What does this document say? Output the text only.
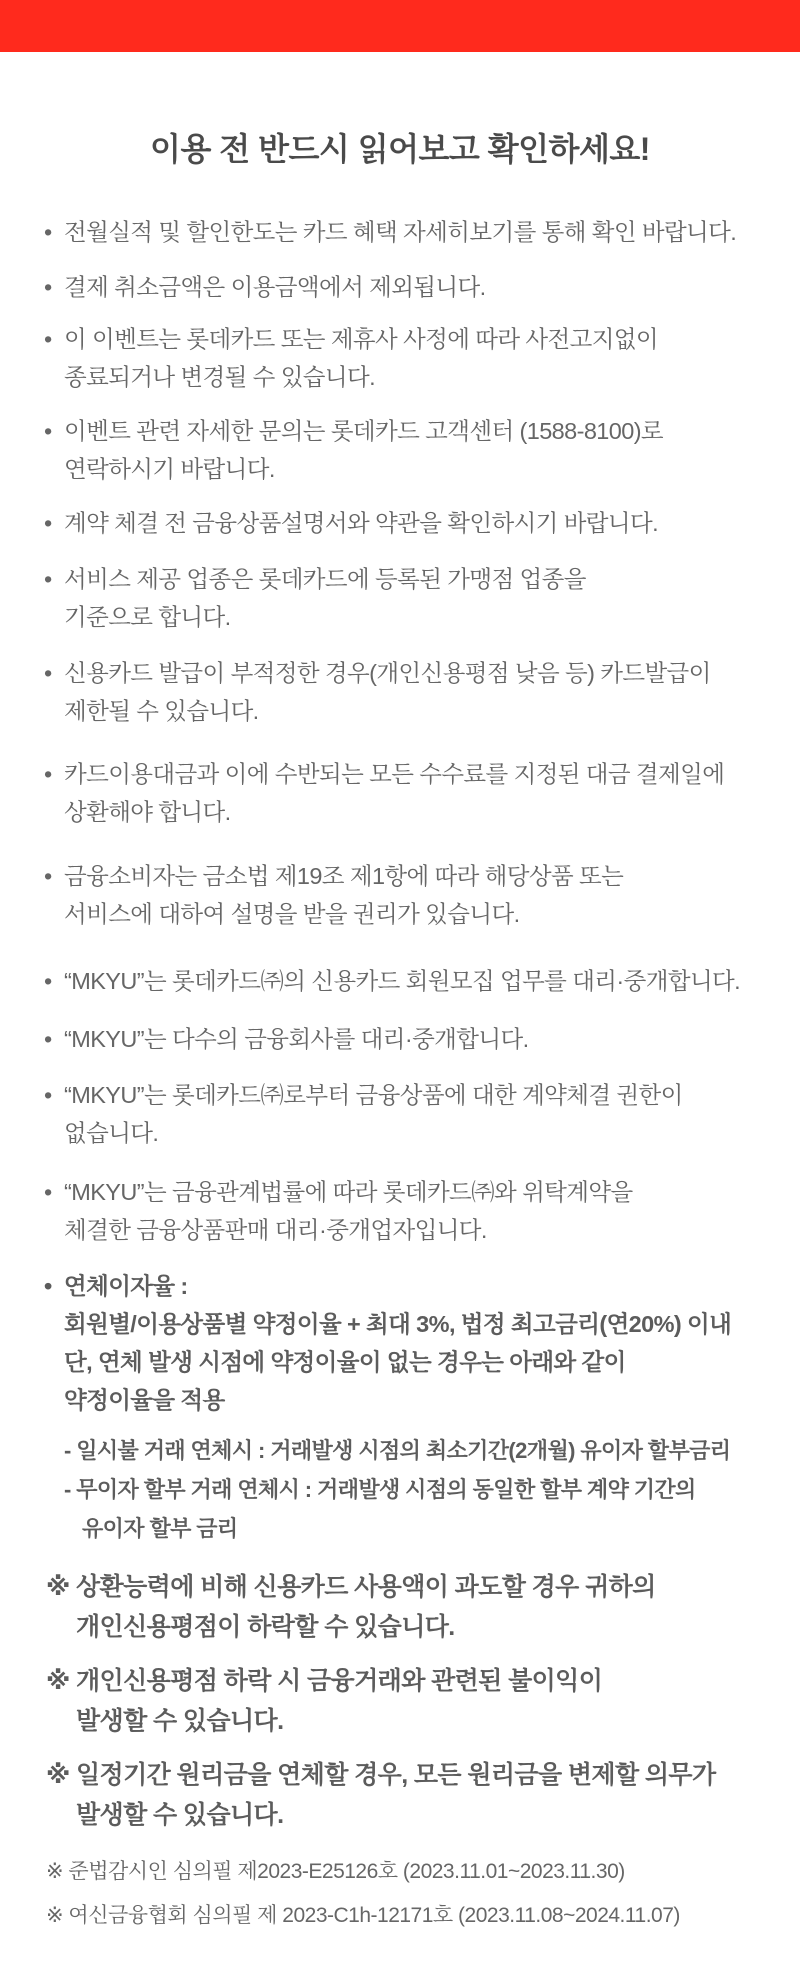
이용 전 반드시 읽어보고 확인하세요!
• 전월실적 및 할인한도는 카드 혜택 자세히보기를 통해 확인 바랍니다.
• 결제 취소금액은 이용금액에서 제외됩니다.
• 이 이벤트는 롯데카드 또는 제휴사 사정에 따라 사전고지없이
종료되거나 변경될 수 있습니다.
• 이벤트 관련 자세한 문의는 롯데카드 고객센터 (1588-8100)로
연락하시기 바랍니다.
• 계약 체결 전 금융상품설명서와 약관을 확인하시기 바랍니다.
• 서비스 제공 업종은 롯데카드에 등록된 가맹점 업종을
기준으로 합니다.
• 신용카드 발급이 부적정한 경우(개인신용평점 낮음 등) 카드발급이
제한될 수 있습니다.
• 카드이용대금과 이에 수반되는 모든 수수료를 지정된 대금 결제일에
상환해야 합니다.
• 금융소비자는 금소법 제19조 제1항에 따라 해당상품 또는
서비스에 대하여 설명을 받을 권리가 있습니다.
• “MKYU”는 롯데카드㈜의 신용카드 회원모집 업무를 대리·중개합니다.
• “MKYU”는 다수의 금융회사를 대리·중개합니다.
• “MKYU”는 롯데카드㈜로부터 금융상품에 대한 계약체결 권한이
없습니다.
• “MKYU”는 금융관계법률에 따라 롯데카드㈜와 위탁계약을
체결한 금융상품판매 대리·중개업자입니다.
• 연체이자율 :
회원별/이용상품별 약정이율 + 최대 3%, 법정 최고금리(연20%) 이내
단, 연체 발생 시점에 약정이율이 없는 경우는 아래와 같이
약정이율을 적용
- 일시불 거래 연체시 : 거래발생 시점의 최소기간(2개월) 유이자 할부금리
- 무이자 할부 거래 연체시 : 거래발생 시점의 동일한 할부 계약 기간의
유이자 할부 금리
※ 상환능력에 비해 신용카드 사용액이 과도할 경우 귀하의
개인신용평점이 하락할 수 있습니다.
※ 개인신용평점 하락 시 금융거래와 관련된 불이익이
발생할 수 있습니다.
※ 일정기간 원리금을 연체할 경우, 모든 원리금을 변제할 의무가
발생할 수 있습니다.
※ 준법감시인 심의필 제2023-E25126호 (2023.11.01~2023.11.30)
※ 여신금융협회 심의필 제 2023-C1h-12171호 (2023.11.08~2024.11.07)
